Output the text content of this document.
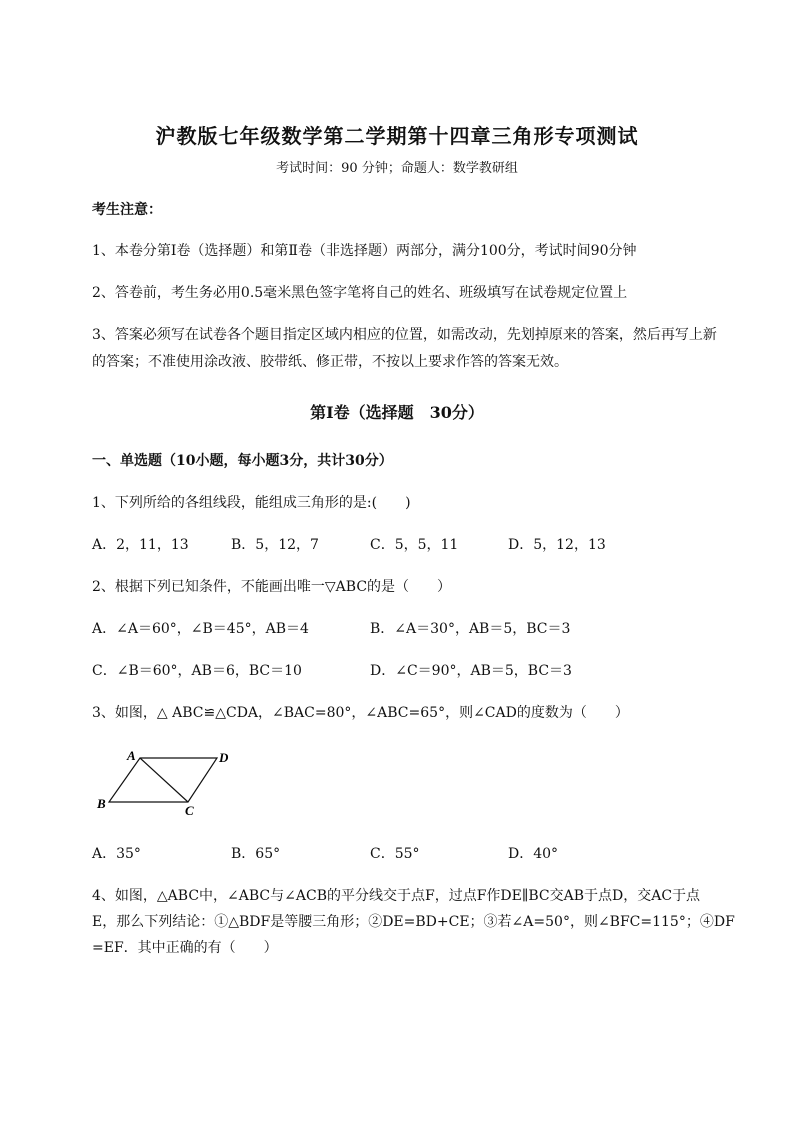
沪教版七年级数学第二学期第十四章三角形专项测试
考试时间：90 分钟；命题人：数学教研组
考生注意：
1、本卷分第Ⅰ卷（选择题）和第Ⅱ卷（非选择题）两部分，满分100分，考试时间90分钟
2、答卷前，考生务必用0.5毫米黑色签字笔将自己的姓名、班级填写在试卷规定位置上
3、答案必须写在试卷各个题目指定区域内相应的位置，如需改动，先划掉原来的答案，然后再写上新
的答案；不准使用涂改液、胶带纸、修正带，不按以上要求作答的答案无效。
第Ⅰ卷（选择题　30分）
一、单选题（10小题，每小题3分，共计30分）
1、下列所给的各组线段，能组成三角形的是:(　　)
A．2，11，13	B．5，12，7	C．5，5，11	D．5，12，13
2、根据下列已知条件，不能画出唯一▽ABC的是（　　）
A．∠A＝60°，∠B＝45°，AB＝4	B．∠A＝30°，AB＝5，BC＝3
C．∠B＝60°，AB＝6，BC＝10	D．∠C＝90°，AB＝5，BC＝3
3、如图，△ ABC≌△CDA，∠BAC=80°，∠ABC=65°，则∠CAD的度数为（　　）
A	D
B	C
A．35°	B．65°	C．55°	D．40°
4、如图，△ABC中，∠ABC与∠ACB的平分线交于点F，过点F作DE∥BC交AB于点D，交AC于点
E，那么下列结论：①△BDF是等腰三角形；②DE=BD+CE；③若∠A=50°，则∠BFC=115°；④DF
=EF．其中正确的有（　　）
